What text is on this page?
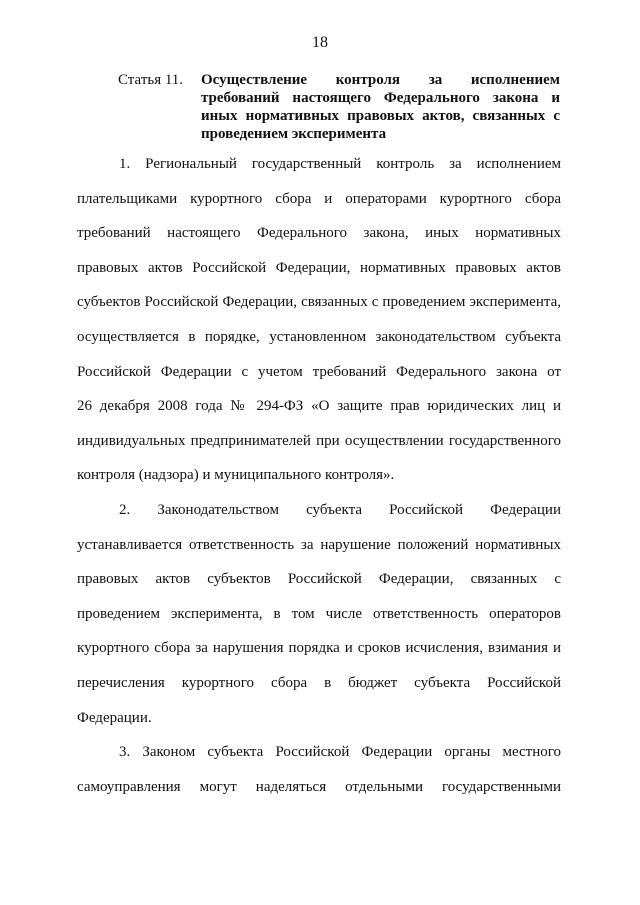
18
Статья 11.	Осуществление контроля за исполнением требований настоящего Федерального закона и иных нормативных правовых актов, связанных с проведением эксперимента
1. Региональный государственный контроль за исполнением
плательщиками курортного сбора и операторами курортного сбора
требований настоящего Федерального закона, иных нормативных
правовых актов Российской Федерации, нормативных правовых актов
субъектов Российской Федерации, связанных с проведением эксперимента,
осуществляется в порядке, установленном законодательством субъекта
Российской Федерации с учетом требований Федерального закона от
26 декабря 2008 года № 294-ФЗ «О защите прав юридических лиц и
индивидуальных предпринимателей при осуществлении государственного
контроля (надзора) и муниципального контроля».
2. Законодательством субъекта Российской Федерации
устанавливается ответственность за нарушение положений нормативных
правовых актов субъектов Российской Федерации, связанных с
проведением эксперимента, в том числе ответственность операторов
курортного сбора за нарушения порядка и сроков исчисления, взимания и
перечисления курортного сбора в бюджет субъекта Российской
Федерации.
3. Законом субъекта Российской Федерации органы местного
самоуправления могут наделяться отдельными государственными
